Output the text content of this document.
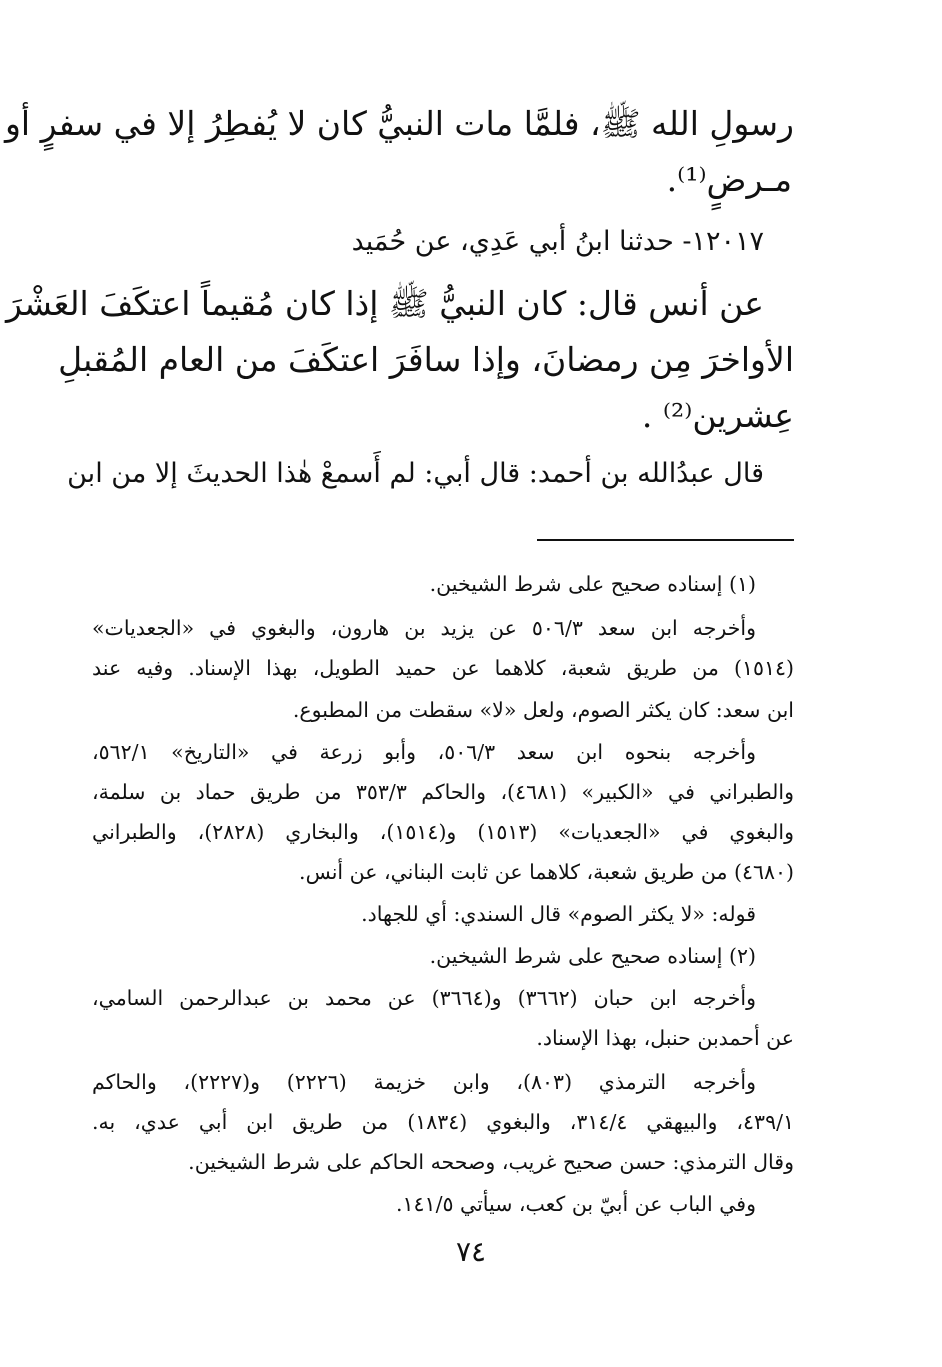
رسولِ الله ﷺ، فلمَّا مات النبيُّ كان لا يُفطِرُ إلا في سفرٍ أو
مـرضٍ⁽¹⁾.
١٢٠١٧- حدثنا ابنُ أبي عَدِي، عن حُمَيد
عن أنس قال: كان النبيُّ ﷺ إذا كان مُقيماً اعتكَفَ العَشْرَ
الأواخرَ مِن رمضانَ، وإذا سافَرَ اعتكَفَ من العام المُقبلِ
عِشرين⁽²⁾ .
قال عبدُالله بن أحمد: قال أبي: لم أَسمعْ هٰذا الحديثَ إلا من ابن
(١) إسناده صحيح على شرط الشيخين.
وأخرجه ابن سعد ٥٠٦/٣ عن يزيد بن هارون، والبغوي في «الجعديات»
(١٥١٤) من طريق شعبة، كلاهما عن حميد الطويل، بهذا الإسناد. وفيه عند
ابن سعد: كان يكثر الصوم، ولعل «لا» سقطت من المطبوع.
وأخرجه بنحوه ابن سعد ٥٠٦/٣، وأبو زرعة في «التاريخ» ٥٦٢/١،
والطبراني في «الكبير» (٤٦٨١)، والحاكم ٣٥٣/٣ من طريق حماد بن سلمة،
والبغوي في «الجعديات» (١٥١٣) و(١٥١٤)، والبخاري (٢٨٢٨)، والطبراني
(٤٦٨٠) من طريق شعبة، كلاهما عن ثابت البناني، عن أنس.
قوله: «لا يكثر الصوم» قال السندي: أي للجهاد.
(٢) إسناده صحيح على شرط الشيخين.
وأخرجه ابن حبان (٣٦٦٢) و(٣٦٦٤) عن محمد بن عبدالرحمن السامي،
عن أحمدبن حنبل، بهذا الإسناد.
وأخرجه الترمذي (٨٠٣)، وابن خزيمة (٢٢٢٦) و(٢٢٢٧)، والحاكم
٤٣٩/١، والبيهقي ٣١٤/٤، والبغوي (١٨٣٤) من طريق ابن أبي عدي، به.
وقال الترمذي: حسن صحيح غريب، وصححه الحاكم على شرط الشيخين.
وفي الباب عن أبيّ بن كعب، سيأتي ١٤١/٥.
٧٤
